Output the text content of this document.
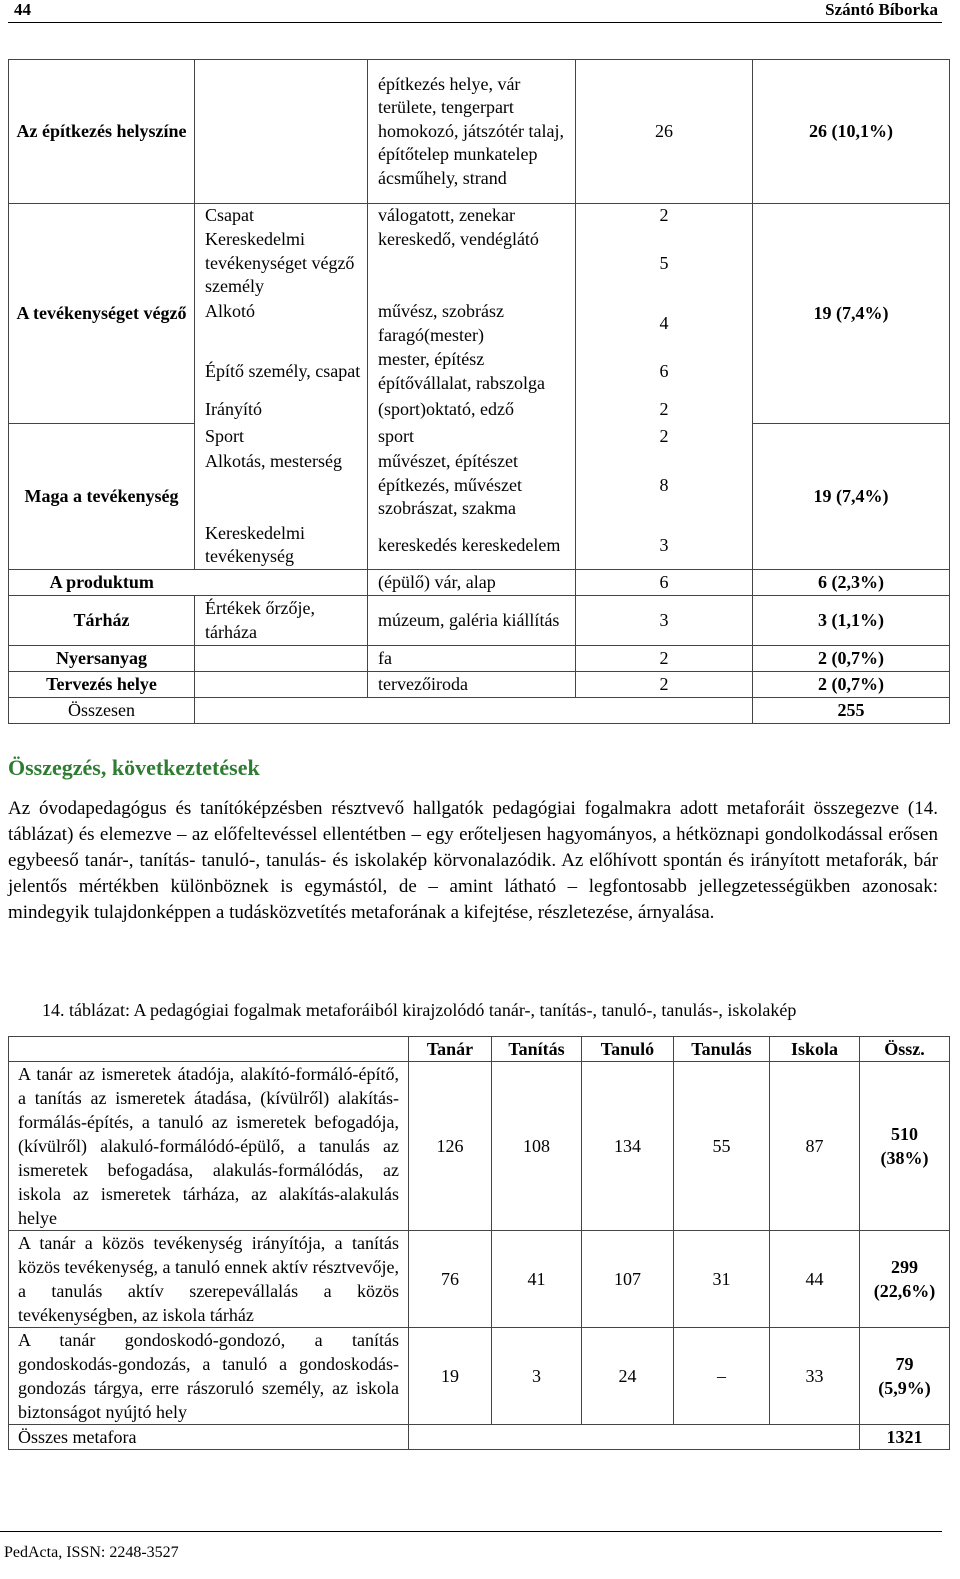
44	Szántó Bíborka
Az építkezés helyszíne		építkezés helye, vár területe, tengerpart homokozó, játszótér talaj, építőtelep munkatelep ácsműhely, strand	26	26 (10,1%)
A tevékenységet végző	Csapat	válogatott, zenekar	2	19 (7,4%)
	Kereskedelmi tevékenységet végző személy	kereskedő, vendéglátó	5	
	Alkotó	művész, szobrász faragó(mester)	4	
	Építő személy, csapat	mester, építész építővállalat, rabszolga	6	
	Irányító	(sport)oktató, edző	2	
Maga a tevékenység	Sport	sport	2	19 (7,4%)
	Alkotás, mesterség	művészet, építészet építkezés, művészet szobrászat, szakma	8	
	Kereskedelmi tevékenység	kereskedés kereskedelem	3	
A produktum		(épülő) vár, alap	6	6 (2,3%)
Tárház	Értékek őrzője, tárháza	múzeum, galéria kiállítás	3	3 (1,1%)
Nyersanyag		fa	2	2 (0,7%)
Tervezés helye		tervezőiroda	2	2 (0,7%)
Összesen				255
Összegzés, következtetések

Az óvodapedagógus és tanítóképzésben résztvevő hallgatók pedagógiai fogalmakra adott metaforáit összegezve (14. táblázat) és elemezve – az előfeltevéssel ellentétben – egy erőteljesen hagyományos, a hétköznapi gondolkodással erősen egybeeső tanár-, tanítás- tanuló-, tanulás- és iskolakép körvonalazódik. Az előhívott spontán és irányított metaforák, bár jelentős mértékben különböznek is egymástól, de – amint látható – legfontosabb jellegzetességükben azonosak: mindegyik tulajdonképpen a tudásközvetítés metaforának a kifejtése, részletezése, árnyalása.

14. táblázat: A pedagógiai fogalmak metaforáiból kirajzolódó tanár-, tanítás-, tanuló-, tanulás-, iskolakép
	Tanár	Tanítás	Tanuló	Tanulás	Iskola	Össz.
A tanár az ismeretek átadója, alakító-formáló-építő, a tanítás az ismeretek átadása, (kívülről) alakítás-formálás-építés, a tanuló az ismeretek befogadója, (kívülről) alakuló-formálódó-épülő, a tanulás az ismeretek befogadása, alakulás-formálódás, az iskola az ismeretek tárháza, az alakítás-alakulás helye	126	108	134	55	87	510
(38%)
A tanár a közös tevékenység irányítója, a tanítás közös tevékenység, a tanuló ennek aktív résztvevője, a tanulás aktív szerepevállalás a közös tevékenységben, az iskola tárház	76	41	107	31	44	299
(22,6%)
A tanár gondoskodó-gondozó, a tanítás gondoskodás-gondozás, a tanuló a gondoskodás-gondozás tárgya, erre rászoruló személy, az iskola biztonságot nyújtó hely	19	3	24	–	33	79
(5,9%)
Összes metafora						1321
PedActa, ISSN: 2248-3527
